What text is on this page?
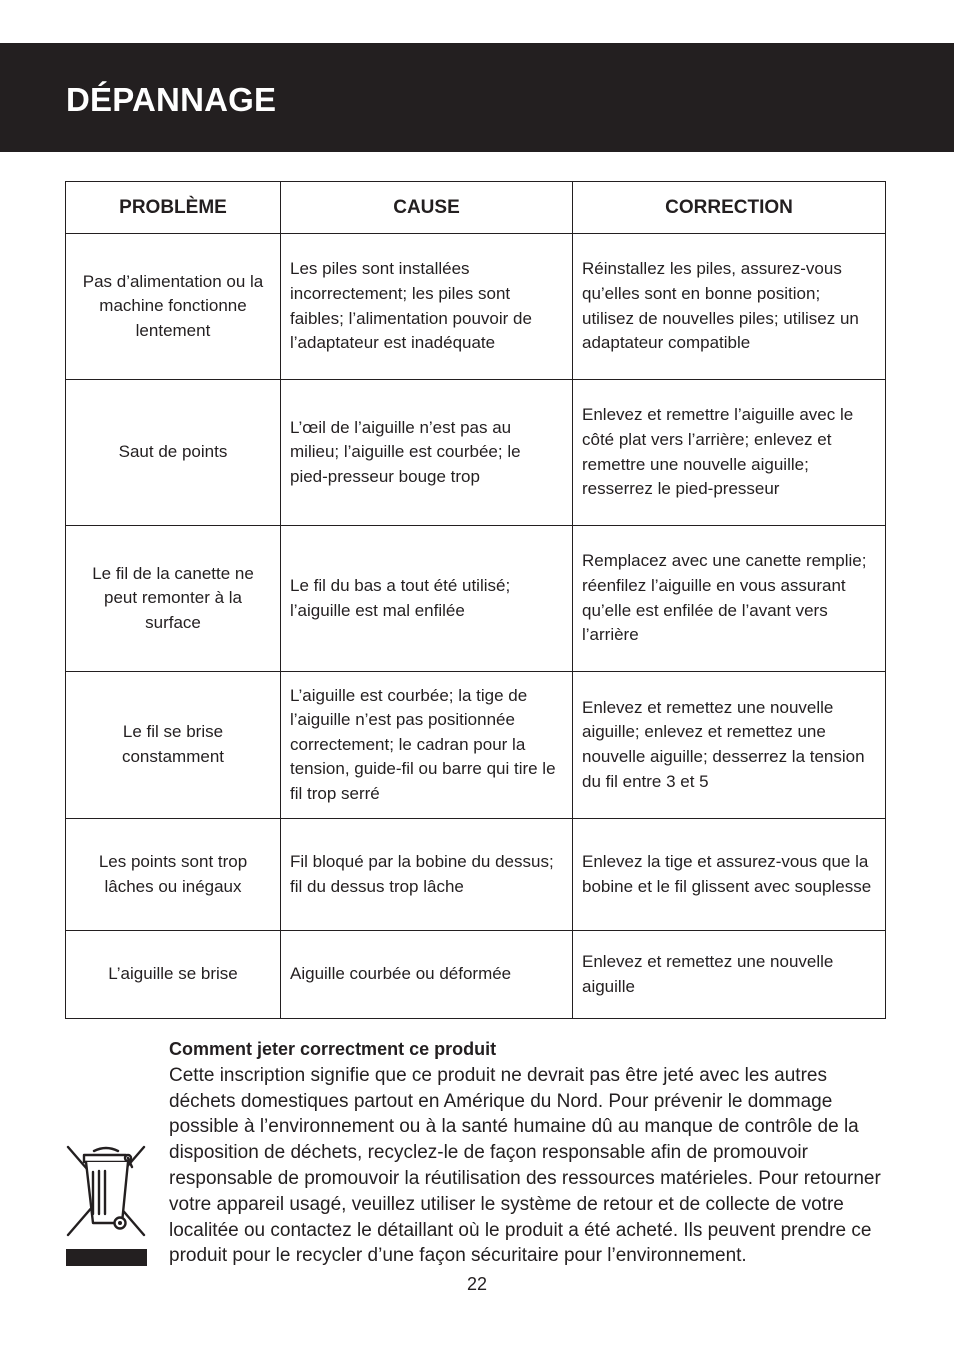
DÉPANNAGE
PROBLÈME	CAUSE	CORRECTION
Pas d’alimentation ou la machine fonctionne lentement	Les piles sont installées incorrectement; les piles sont faibles; l’alimentation pouvoir de l’adaptateur est inadéquate	Réinstallez les piles, assurez-vous qu’elles sont en bonne position; utilisez de nouvelles piles; utilisez un adaptateur compatible
Saut de points	L’œil de l’aiguille n’est pas au milieu; l’aiguille est courbée; le pied-presseur bouge trop	Enlevez et remettre l’aiguille avec le côté plat vers l’arrière; enlevez et remettre une nouvelle aiguille; resserrez le pied-presseur
Le fil de la canette ne peut remonter à la surface	Le fil du bas a tout été utilisé; l’aiguille est mal enfilée	Remplacez avec une canette remplie; réenfilez l’aiguille en vous assurant qu’elle est enfilée de l’avant vers l’arrière
Le fil se brise constamment	L’aiguille est courbée; la tige de l’aiguille n’est pas positionnée correctement; le cadran pour la tension, guide-fil ou barre qui tire le fil trop serré	Enlevez et remettez une nouvelle aiguille; enlevez et remettez une nouvelle aiguille; desserrez la tension du fil entre 3 et 5
Les points sont trop lâches ou inégaux	Fil bloqué par la bobine du dessus; fil du dessus trop lâche	Enlevez la tige et assurez-vous que la bobine et le fil glissent avec souplesse
L’aiguille se brise	Aiguille courbée ou déformée	Enlevez et remettez une nouvelle aiguille
Comment jeter correctment ce produit
Cette inscription signifie que ce produit ne devrait pas être jeté avec les autres déchets domestiques partout en Amérique du Nord. Pour prévenir le dommage possible à l’environnement ou à la santé humaine dû au manque de contrôle de la disposition de déchets, recyclez-le de façon responsable afin de promouvoir responsable de promouvoir la réutilisation des ressources matérieles. Pour retourner votre appareil usagé, veuillez utiliser le système de retour et de collecte de votre localitée ou contactez le détaillant où le produit a été acheté. Ils peuvent prendre ce produit pour le recycler d’une façon sécuritaire pour l’environnement.
22
